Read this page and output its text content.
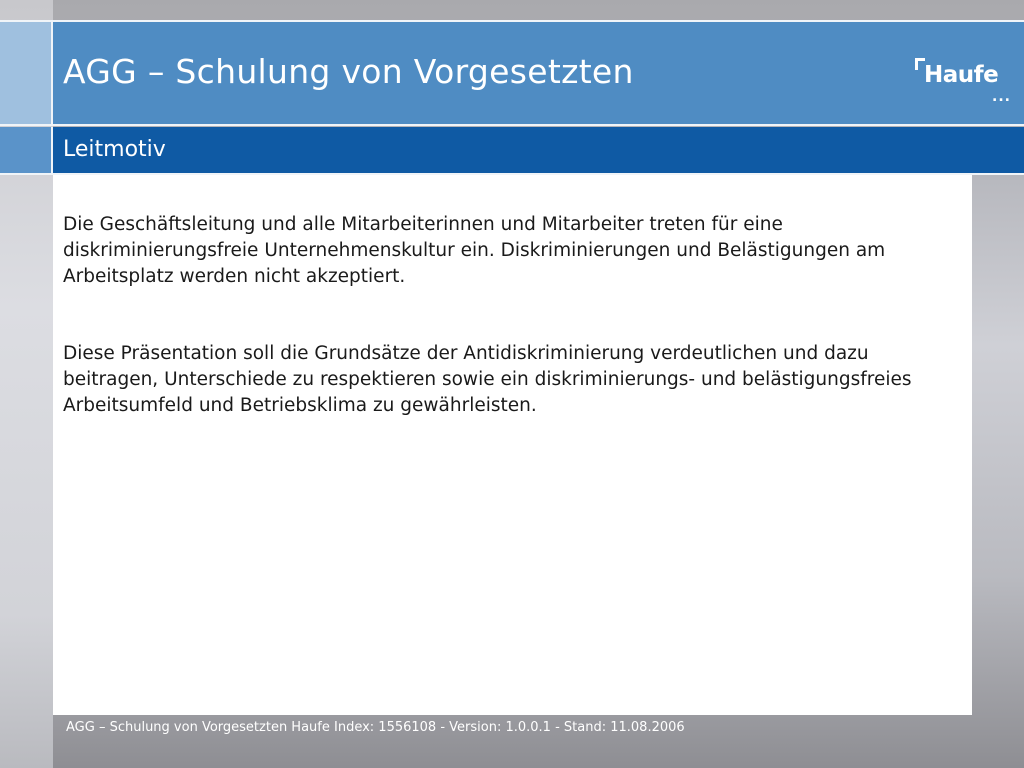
AGG – Schulung von Vorgesetzten	Haufe
...
Leitmotiv

Die Geschäftsleitung und alle Mitarbeiterinnen und Mitarbeiter treten für eine diskriminierungsfreie Unternehmenskultur ein. Diskriminierungen und Belästigungen am Arbeitsplatz werden nicht akzeptiert.

Diese Präsentation soll die Grundsätze der Antidiskriminierung verdeutlichen und dazu beitragen, Unterschiede zu respektieren sowie ein diskriminierungs- und belästigungsfreies Arbeitsumfeld und Betriebsklima zu gewährleisten.

AGG – Schulung von Vorgesetzten Haufe Index: 1556108 - Version: 1.0.0.1 - Stand: 11.08.2006
